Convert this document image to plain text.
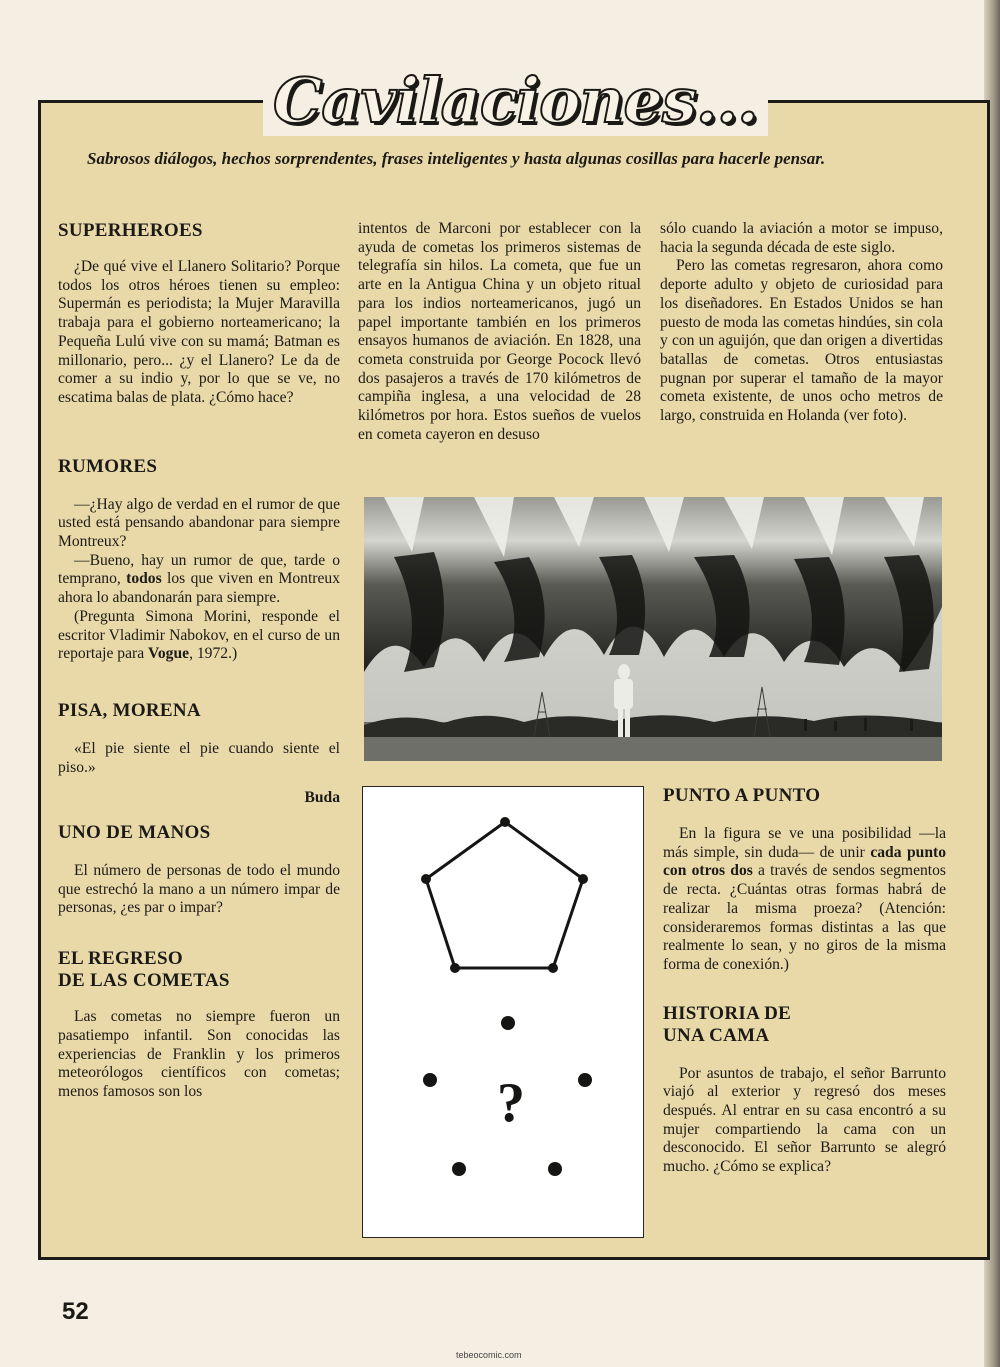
Cavilaciones...

Sabrosos diálogos, hechos sorprendentes, frases inteligentes y hasta algunas cosillas para hacerle pensar.

SUPERHEROES

¿De qué vive el Llanero Solitario? Porque todos los otros héroes tienen su empleo: Supermán es periodista; la Mujer Maravilla trabaja para el gobierno norteamericano; la Pequeña Lulú vive con su mamá; Batman es millonario, pero... ¿y el Llanero? Le da de comer a su indio y, por lo que se ve, no escatima balas de plata. ¿Cómo hace?

RUMORES

—¿Hay algo de verdad en el rumor de que usted está pensando abandonar para siempre Montreux?

—Bueno, hay un rumor de que, tarde o temprano, todos los que viven en Montreux ahora lo abandonarán para siempre.

(Pregunta Simona Morini, responde el escritor Vladimir Nabokov, en el curso de un reportaje para Vogue, 1972.)

PISA, MORENA

«El pie siente el pie cuando siente el piso.»

Buda
UNO DE MANOS

El número de personas de todo el mundo que estrechó la mano a un número impar de personas, ¿es par o impar?

EL REGRESO
DE LAS COMETAS

Las cometas no siempre fueron un pasatiempo infantil. Son conocidas las experiencias de Franklin y los primeros meteorólogos científicos con cometas; menos famosos son los

intentos de Marconi por establecer con la ayuda de cometas los primeros sistemas de telegrafía sin hilos. La cometa, que fue un arte en la Antigua China y un objeto ritual para los indios norteamericanos, jugó un papel importante también en los primeros ensayos humanos de aviación. En 1828, una cometa construida por George Pocock llevó dos pasajeros a través de 170 kilómetros de campiña inglesa, a una velocidad de 28 kilómetros por hora. Estos sueños de vuelos en cometa cayeron en desuso

sólo cuando la aviación a motor se impuso, hacia la segunda década de este siglo.

Pero las cometas regresaron, ahora como deporte adulto y objeto de curiosidad para los diseñadores. En Estados Unidos se han puesto de moda las cometas hindúes, sin cola y con un aguijón, que dan origen a divertidas batallas de cometas. Otros entusiastas pugnan por superar el tamaño de la mayor cometa existente, de unos ocho metros de largo, construida en Holanda (ver foto).

?
PUNTO A PUNTO

En la figura se ve una posibilidad —la más simple, sin duda— de unir cada punto con otros dos a través de sendos segmentos de recta. ¿Cuántas otras formas habrá de realizar la misma proeza? (Atención: consideraremos formas distintas a las que realmente lo sean, y no giros de la misma forma de conexión.)

HISTORIA DE
UNA CAMA

Por asuntos de trabajo, el señor Barrunto viajó al exterior y regresó dos meses después. Al entrar en su casa encontró a su mujer compartiendo la cama con un desconocido. El señor Barrunto se alegró mucho. ¿Cómo se explica?

52
tebeocomic.com
